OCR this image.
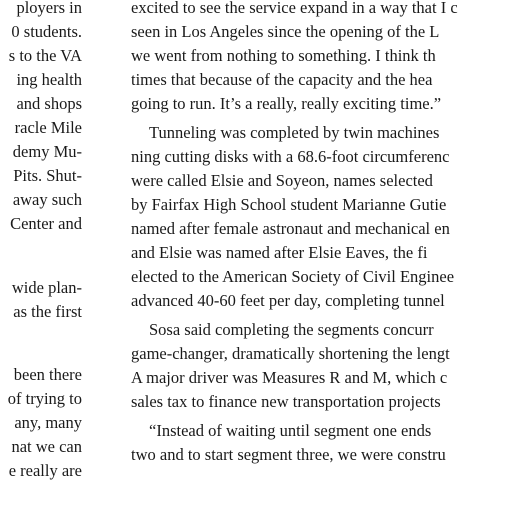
ployers in
0 students.
s to the VA
ing health
and shops
racle Mile
demy Mu-
Pits. Shut-
away such
Center and
wide plan-
as the first
been there
of trying to
any, many
nat we can
e really are
excited to see the service expand in a way that I c
seen in Los Angeles since the opening of the L
we went from nothing to something. I think th
times that because of the capacity and the hea
going to run. It’s a really, really exciting time.”
Tunneling was completed by twin machines
ning cutting disks with a 68.6-foot circumferenc
were called Elsie and Soyeon, names selected
by Fairfax High School student Marianne Gutie
named after female astronaut and mechanical en
and Elsie was named after Elsie Eaves, the fi
elected to the American Society of Civil Enginee
advanced 40-60 feet per day, completing tunnel
Sosa said completing the segments concurr
game-changer, dramatically shortening the lengt
A major driver was Measures R and M, which c
sales tax to finance new transportation projects
“Instead of waiting until segment one ends
two and to start segment three, we were constru
